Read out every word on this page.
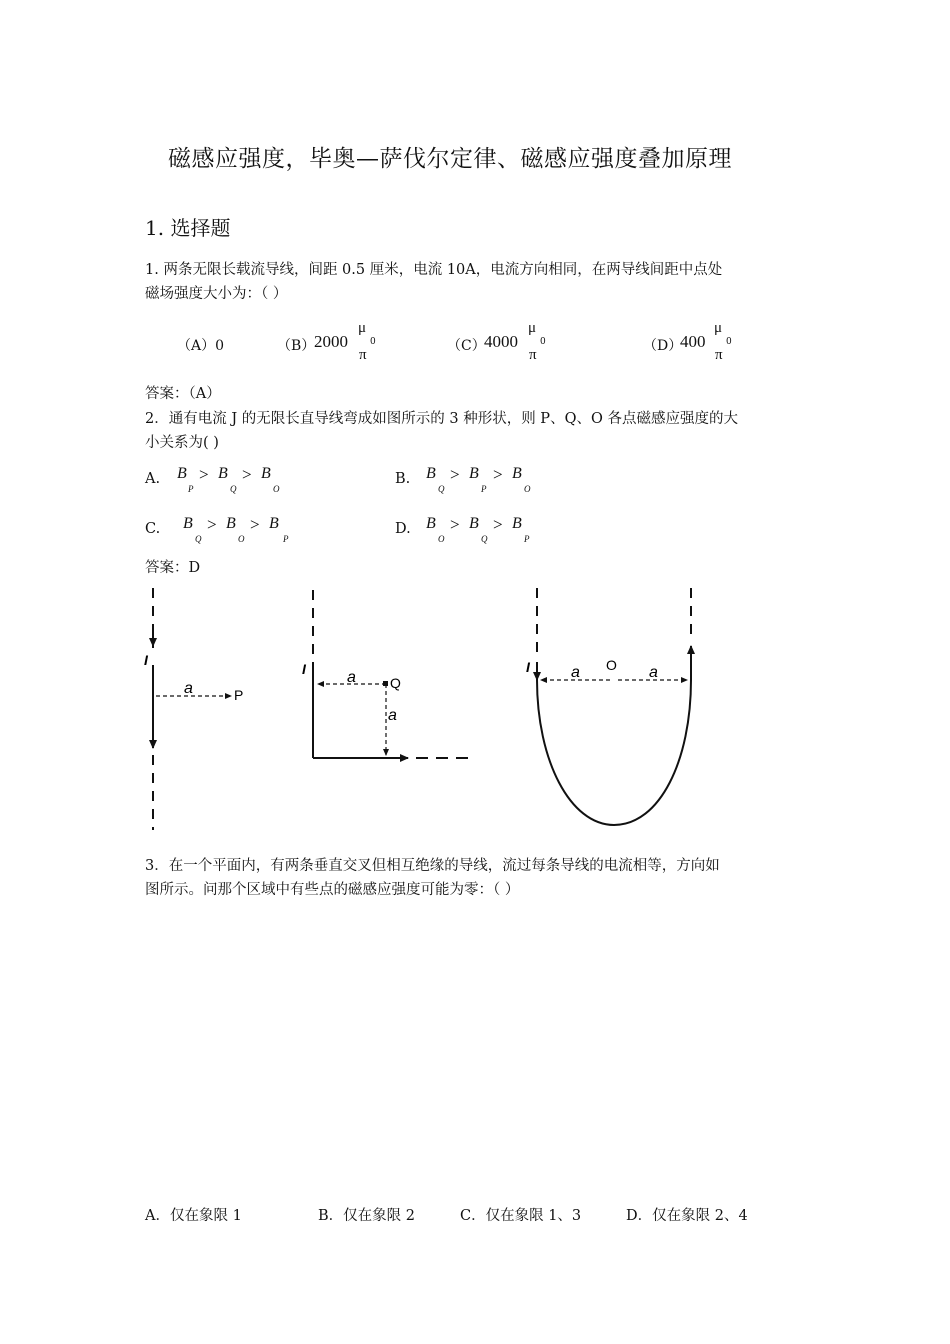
磁感应强度，毕奥—萨伐尔定律、磁感应强度叠加原理
1. 选择题
1. 两条无限长载流导线，间距 0.5 厘米，电流 10A，电流方向相同，在两导线间距中点处
磁场强度大小为：（ ）
（A）0	（B）
2000
μ
0
π
（C）
4000
μ
0
π
（D）
400
μ
0
π
答案：（A）
2．通有电流 J 的无限长直导线弯成如图所示的 3 种形状，则 P、Q、O 各点磁感应强度的大
小关系为( )
A. B
P
> B
Q
> B
O
B. B
Q
> B
P
> B
O
C. B
Q
> B
O
> B
P
D. B
O
> B
Q
> B
P
答案：D
I
a	P
I	a Q
a
I	a O a
3．在一个平面内，有两条垂直交叉但相互绝缘的导线，流过每条导线的电流相等，方向如
图所示。问那个区域中有些点的磁感应强度可能为零：（ ）
A．仅在象限 1	B．仅在象限 2	C．仅在象限 1、3	D．仅在象限 2、4
